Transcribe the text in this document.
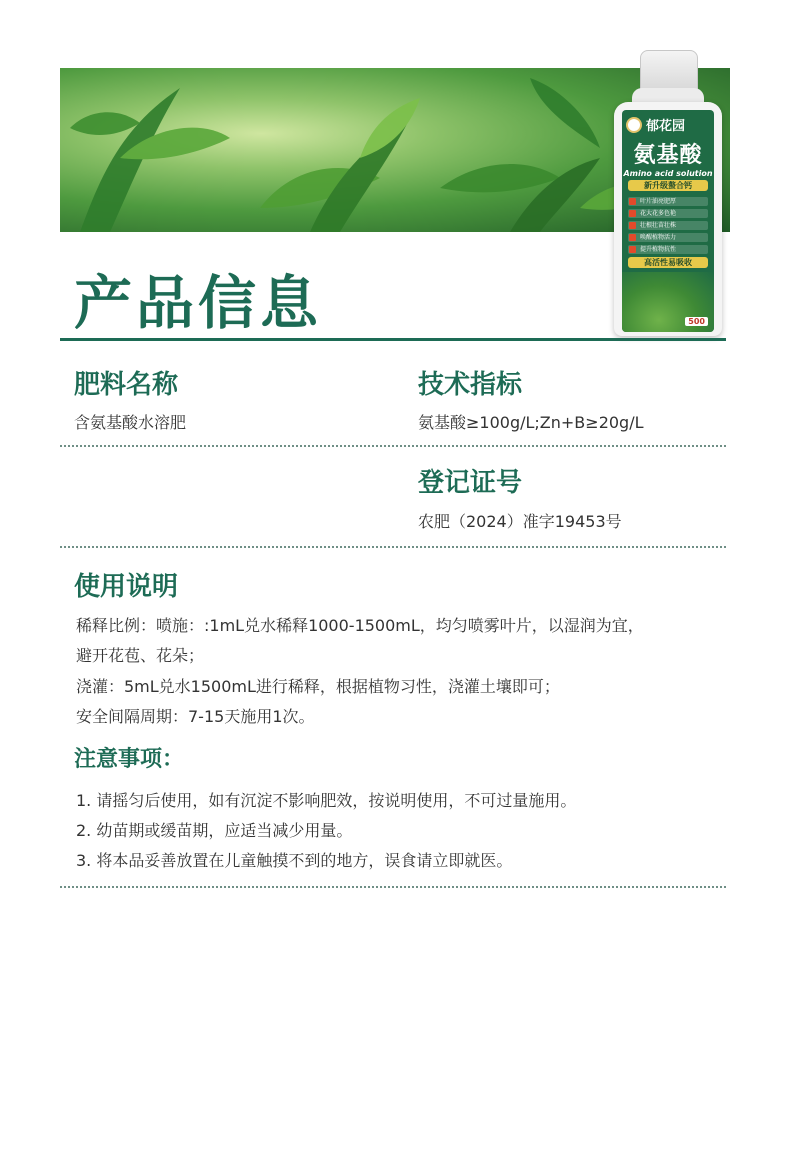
郁花园
氨基酸
Amino acid solution
新升级螯合钙
叶片油亮肥厚
花大花多色艳
壮根壮苗壮株
唤醒植物活力
提升植物抗性
高活性易吸收
500
产品信息
肥料名称

含氨基酸水溶肥

技术指标

氨基酸≥100g/L;Zn+B≥20g/L

登记证号

农肥（2024）准字19453号

使用说明

稀释比例：喷施：:1mL兑水稀释1000-1500mL，均匀喷雾叶片，以湿润为宜，

避开花苞、花朵；

浇灌：5mL兑水1500mL进行稀释，根据植物习性，浇灌土壤即可；

安全间隔周期：7-15天施用1次。

注意事项：

1. 请摇匀后使用，如有沉淀不影响肥效，按说明使用，不可过量施用。

2. 幼苗期或缓苗期，应适当减少用量。

3. 将本品妥善放置在儿童触摸不到的地方，误食请立即就医。
